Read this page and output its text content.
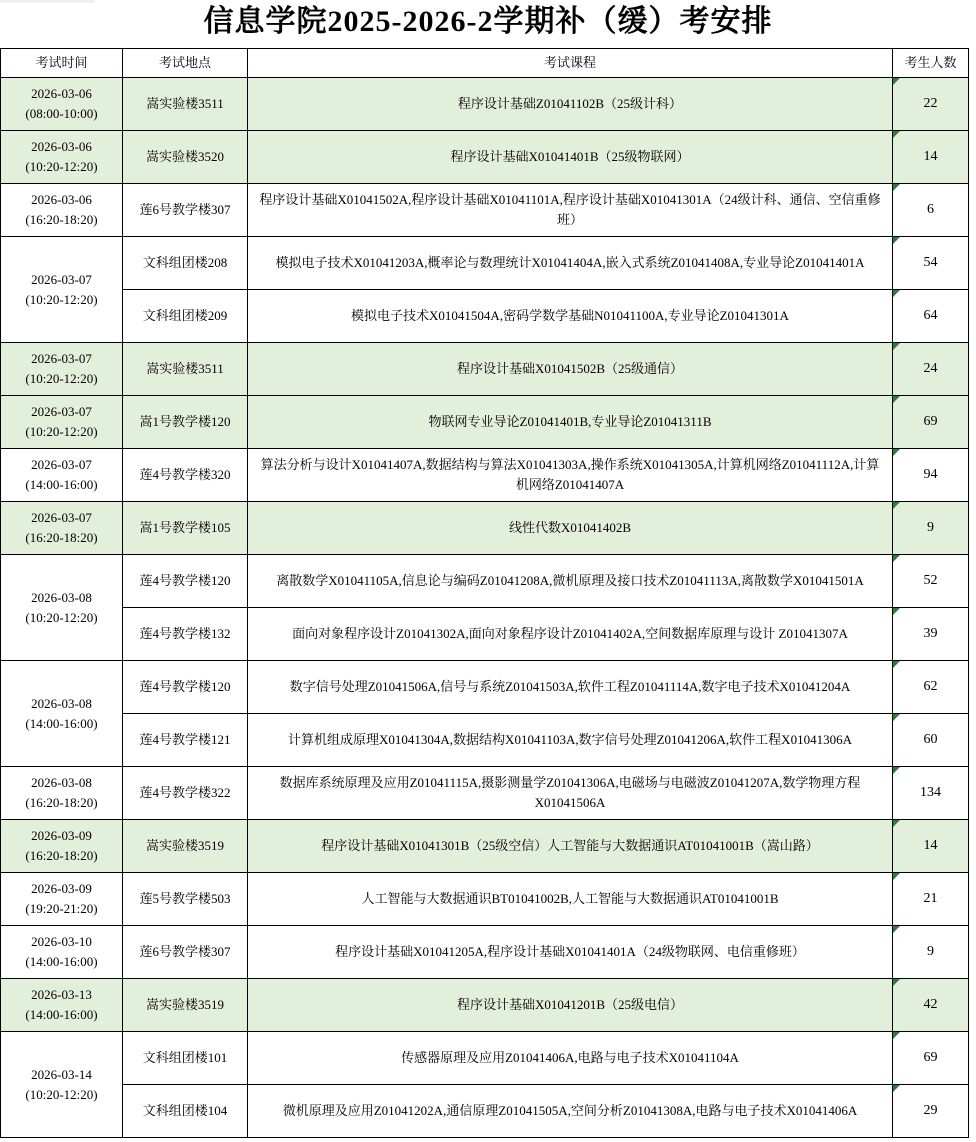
信息学院2025-2026-2学期补（缓）考安排
考试时间	考试地点	考试课程	考生人数

2026-03-06
(08:00-10:00)	嵩实验楼3511	程序设计基础Z01041102B（25级计科）	22

2026-03-06
(10:20-12:20)	嵩实验楼3520	程序设计基础X01041401B（25级物联网）	14

2026-03-06
(16:20-18:20)	莲6号教学楼307	程序设计基础X01041502A,程序设计基础X01041101A,程序设计基础X01041301A（24级计科、通信、空信重修班）	6

2026-03-07
(10:20-12:20)	文科组团楼208	模拟电子技术X01041203A,概率论与数理统计X01041404A,嵌入式系统Z01041408A,专业导论Z01041401A	54
	文科组团楼209	模拟电子技术X01041504A,密码学数学基础N01041100A,专业导论Z01041301A	64

2026-03-07
(10:20-12:20)	嵩实验楼3511	程序设计基础X01041502B（25级通信）	24

2026-03-07
(10:20-12:20)	嵩1号教学楼120	物联网专业导论Z01041401B,专业导论Z01041311B	69

2026-03-07
(14:00-16:00)	莲4号教学楼320	算法分析与设计X01041407A,数据结构与算法X01041303A,操作系统X01041305A,计算机网络Z01041112A,计算机网络Z01041407A	94

2026-03-07
(16:20-18:20)	嵩1号教学楼105	线性代数X01041402B	9

2026-03-08
(10:20-12:20)	莲4号教学楼120	离散数学X01041105A,信息论与编码Z01041208A,微机原理及接口技术Z01041113A,离散数学X01041501A	52
	莲4号教学楼132	面向对象程序设计Z01041302A,面向对象程序设计Z01041402A,空间数据库原理与设计 Z01041307A	39

2026-03-08
(14:00-16:00)	莲4号教学楼120	数字信号处理Z01041506A,信号与系统Z01041503A,软件工程Z01041114A,数字电子技术X01041204A	62
	莲4号教学楼121	计算机组成原理X01041304A,数据结构X01041103A,数字信号处理Z01041206A,软件工程X01041306A	60

2026-03-08
(16:20-18:20)	莲4号教学楼322	数据库系统原理及应用Z01041115A,摄影测量学Z01041306A,电磁场与电磁波Z01041207A,数学物理方程X01041506A	134

2026-03-09
(16:20-18:20)	嵩实验楼3519	程序设计基础X01041301B（25级空信）人工智能与大数据通识AT01041001B（嵩山路）	14

2026-03-09
(19:20-21:20)	莲5号教学楼503	人工智能与大数据通识BT01041002B,人工智能与大数据通识AT01041001B	21

2026-03-10
(14:00-16:00)	莲6号教学楼307	程序设计基础X01041205A,程序设计基础X01041401A（24级物联网、电信重修班）	9

2026-03-13
(14:00-16:00)	嵩实验楼3519	程序设计基础X01041201B（25级电信）	42

2026-03-14
(10:20-12:20)	文科组团楼101	传感器原理及应用Z01041406A,电路与电子技术X01041104A	69
	文科组团楼104	微机原理及应用Z01041202A,通信原理Z01041505A,空间分析Z01041308A,电路与电子技术X01041406A	29
